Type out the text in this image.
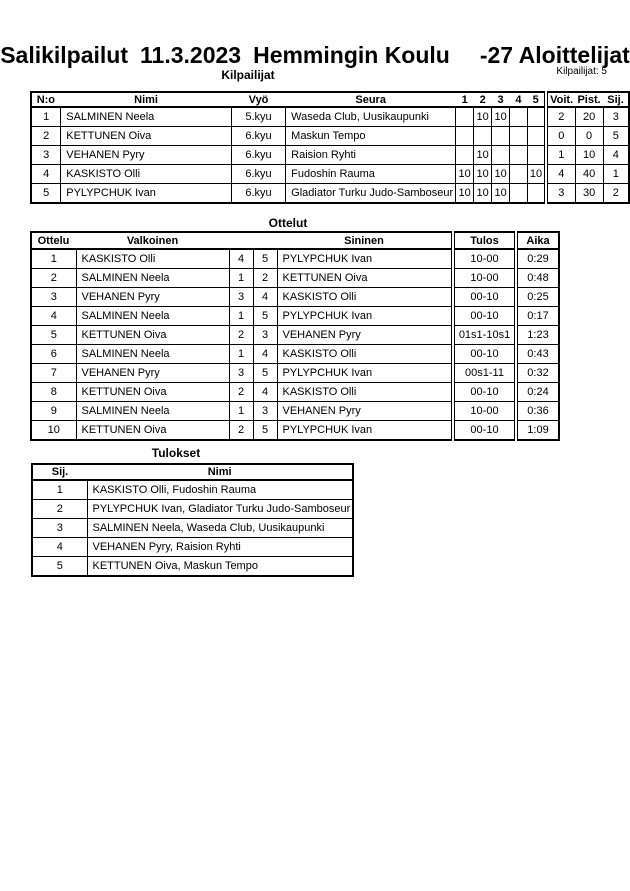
Salikilpailut 11.3.2023 Hemmingin Koulu -27 Aloittelijat
Kilpailijat: 5
Kilpailijat
N:o	Nimi	Vyö	Seura	1	2	3	4	5	Voit.	Pist.	Sij.
1	SALMINEN Neela	5.kyu	Waseda Club, Uusikaupunki		10	10			2	20	3
2	KETTUNEN Oiva	6.kyu	Maskun Tempo						0	0	5
3	VEHANEN Pyry	6.kyu	Raision Ryhti		10				1	10	4
4	KASKISTO Olli	6.kyu	Fudoshin Rauma	10	10	10		10	4	40	1
5	PYLYPCHUK Ivan	6.kyu	Gladiator Turku Judo-Samboseur	10	10	10			3	30	2
Ottelut
Ottelu	Valkoinen			Sininen	Tulos	Aika
1	KASKISTO Olli	4	5	PYLYPCHUK Ivan	10-00	0:29
2	SALMINEN Neela	1	2	KETTUNEN Oiva	10-00	0:48
3	VEHANEN Pyry	3	4	KASKISTO Olli	00-10	0:25
4	SALMINEN Neela	1	5	PYLYPCHUK Ivan	00-10	0:17
5	KETTUNEN Oiva	2	3	VEHANEN Pyry	01s1-10s1	1:23
6	SALMINEN Neela	1	4	KASKISTO Olli	00-10	0:43
7	VEHANEN Pyry	3	5	PYLYPCHUK Ivan	00s1-11	0:32
8	KETTUNEN Oiva	2	4	KASKISTO Olli	00-10	0:24
9	SALMINEN Neela	1	3	VEHANEN Pyry	10-00	0:36
10	KETTUNEN Oiva	2	5	PYLYPCHUK Ivan	00-10	1:09
Tulokset
Sij.	Nimi
1	KASKISTO Olli, Fudoshin Rauma
2	PYLYPCHUK Ivan, Gladiator Turku Judo-Samboseur
3	SALMINEN Neela, Waseda Club, Uusikaupunki
4	VEHANEN Pyry, Raision Ryhti
5	KETTUNEN Oiva, Maskun Tempo
